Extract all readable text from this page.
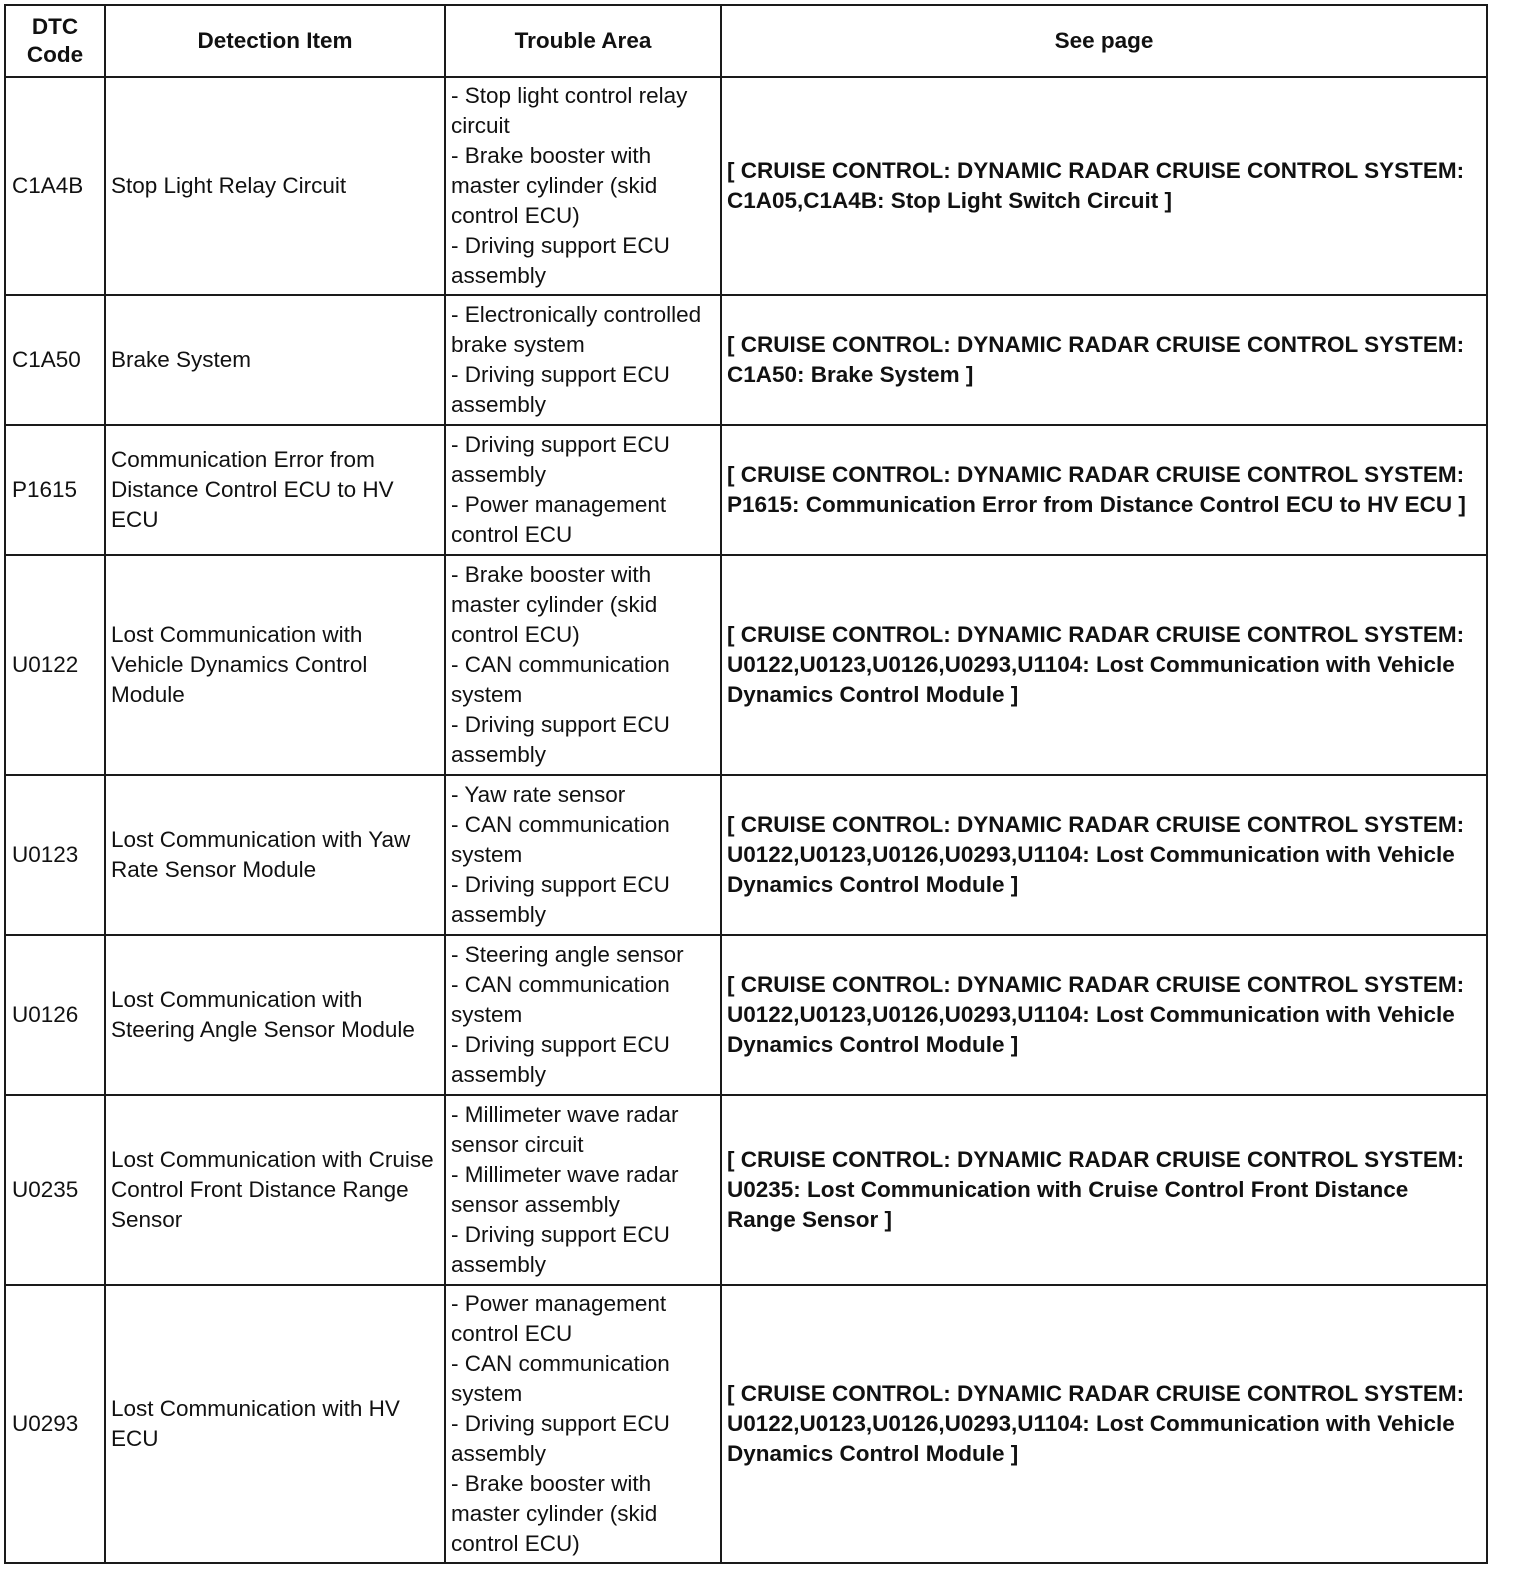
DTC Code	Detection Item	Trouble Area	See page
C1A4B	Stop Light Relay Circuit	- Stop light control relay circuit
- Brake booster with master cylinder (skid control ECU)
- Driving support ECU assembly	[ CRUISE CONTROL: DYNAMIC RADAR CRUISE CONTROL SYSTEM: C1A05,C1A4B: Stop Light Switch Circuit ]
C1A50	Brake System	- Electronically controlled brake system
- Driving support ECU assembly	[ CRUISE CONTROL: DYNAMIC RADAR CRUISE CONTROL SYSTEM: C1A50: Brake System ]
P1615	Communication Error from Distance Control ECU to HV ECU	- Driving support ECU assembly
- Power management control ECU	[ CRUISE CONTROL: DYNAMIC RADAR CRUISE CONTROL SYSTEM: P1615: Communication Error from Distance Control ECU to HV ECU ]
U0122	Lost Communication with Vehicle Dynamics Control Module	- Brake booster with master cylinder (skid control ECU)
- CAN communication system
- Driving support ECU assembly	[ CRUISE CONTROL: DYNAMIC RADAR CRUISE CONTROL SYSTEM: U0122,U0123,U0126,U0293,U1104: Lost Communication with Vehicle Dynamics Control Module ]
U0123	Lost Communication with Yaw Rate Sensor Module	- Yaw rate sensor
- CAN communication system
- Driving support ECU assembly	[ CRUISE CONTROL: DYNAMIC RADAR CRUISE CONTROL SYSTEM: U0122,U0123,U0126,U0293,U1104: Lost Communication with Vehicle Dynamics Control Module ]
U0126	Lost Communication with Steering Angle Sensor Module	- Steering angle sensor
- CAN communication system
- Driving support ECU assembly	[ CRUISE CONTROL: DYNAMIC RADAR CRUISE CONTROL SYSTEM: U0122,U0123,U0126,U0293,U1104: Lost Communication with Vehicle Dynamics Control Module ]
U0235	Lost Communication with Cruise Control Front Distance Range Sensor	- Millimeter wave radar sensor circuit
- Millimeter wave radar sensor assembly
- Driving support ECU assembly	[ CRUISE CONTROL: DYNAMIC RADAR CRUISE CONTROL SYSTEM: U0235: Lost Communication with Cruise Control Front Distance Range Sensor ]
U0293	Lost Communication with HV ECU	- Power management control ECU
- CAN communication system
- Driving support ECU assembly
- Brake booster with master cylinder (skid control ECU)	[ CRUISE CONTROL: DYNAMIC RADAR CRUISE CONTROL SYSTEM: U0122,U0123,U0126,U0293,U1104: Lost Communication with Vehicle Dynamics Control Module ]
